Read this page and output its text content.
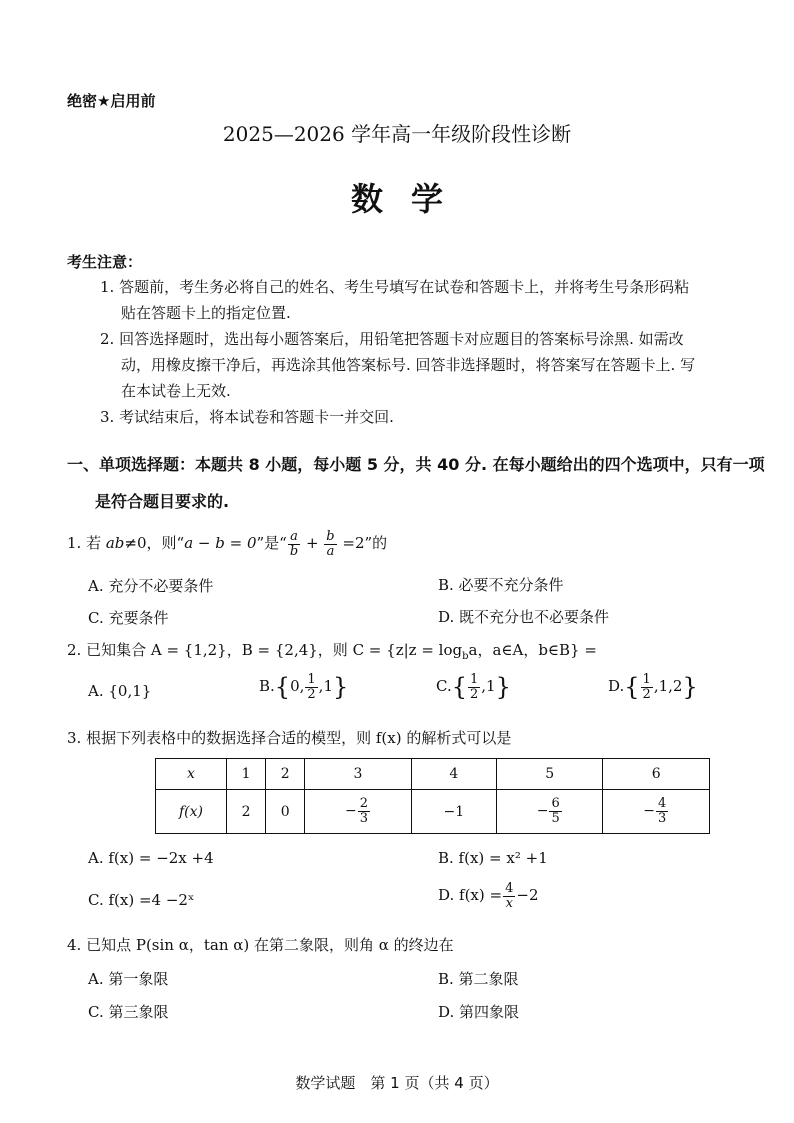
绝密★启用前
2025—2026 学年高一年级阶段性诊断
数学
考生注意：
1. 答题前，考生务必将自己的姓名、考生号填写在试卷和答题卡上，并将考生号条形码粘
贴在答题卡上的指定位置.
2. 回答选择题时，选出每小题答案后，用铅笔把答题卡对应题目的答案标号涂黑. 如需改
动，用橡皮擦干净后，再选涂其他答案标号. 回答非选择题时，将答案写在答题卡上. 写
在本试卷上无效.
3. 考试结束后，将本试卷和答题卡一并交回.
一、单项选择题：本题共 8 小题，每小题 5 分，共 40 分. 在每小题给出的四个选项中，只有一项
是符合题目要求的.
1. 若 ab≠0，则“a − b = 0”是“ $\frac{a}{b} + \frac{b}{a} =2$”的
A. 充分不必要条件	B. 必要不充分条件
C. 充要条件	D. 既不充分也不必要条件
2. 已知集合 A = {1,2}，B = {2,4}，则 $C = \{z|z = \log_ba$，a∈A，b∈B} =
A. {0,1}	B.{0, $\frac{1}{2} ,1$}	$C.\{ \frac{1}{2} ,1\}$	$D.\{ \frac{1}{2} ,1,2\}$
3. 根据下列表格中的数据选择合适的模型，则 f(x) 的解析式可以是
x	1	2	3	4	5	6
f(x)	2	0	− $\frac{2}{3}$	−1	− $\frac{6}{5}$	− $\frac{4}{3}$
A. f(x) = −2x +4	B. f(x) = x² +1
C. f(x) =4 −2ˣ	D. $f(x) = \frac{4}{x} -2$
4. 已知点 P(sin α，tan α) 在第二象限，则角 α 的终边在
A. 第一象限	B. 第二象限
C. 第三象限	D. 第四象限
数学试题　第 1 页（共 4 页）
